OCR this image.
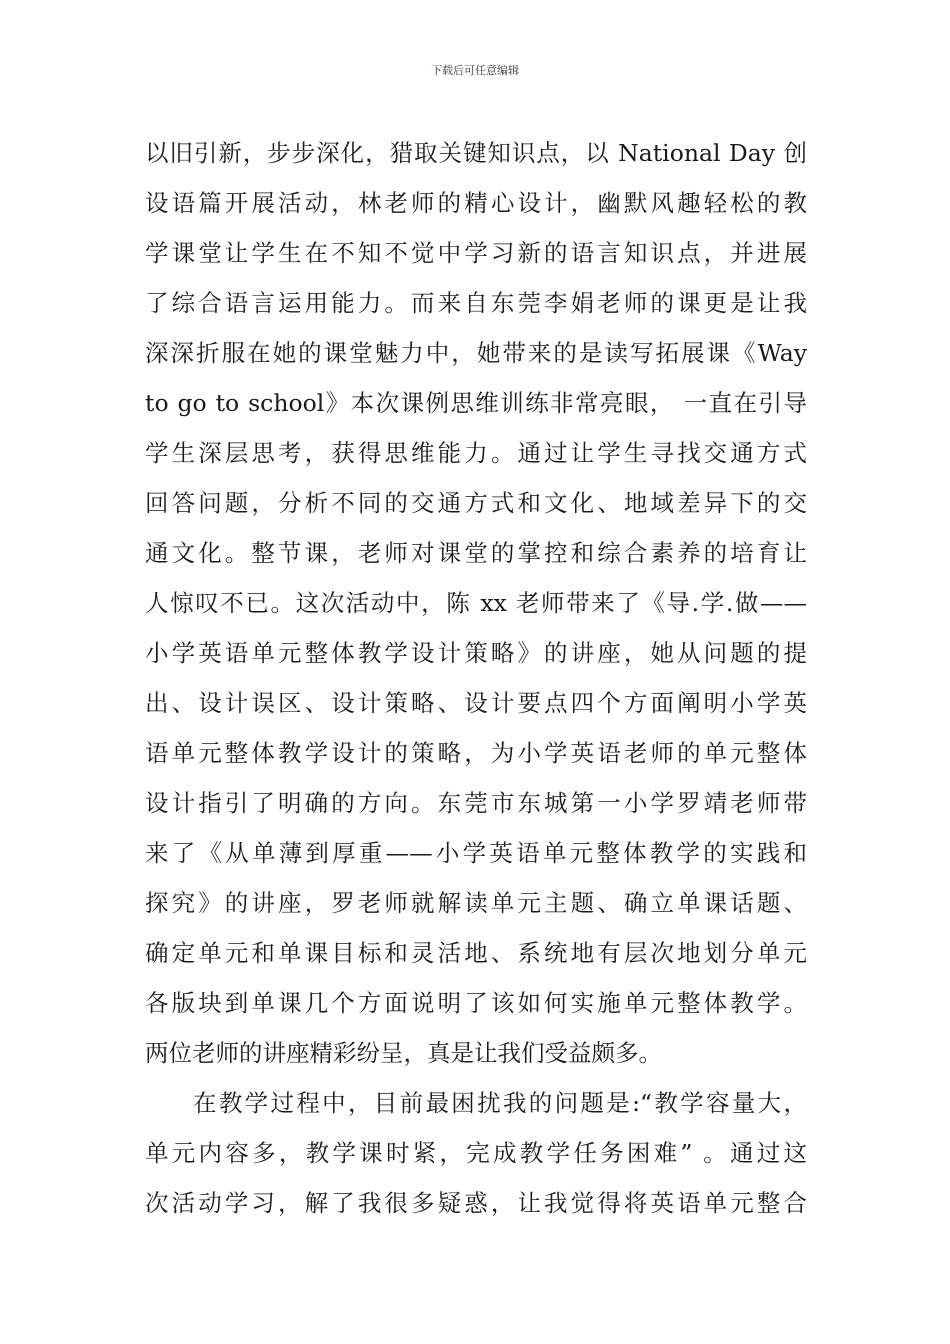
下载后可任意编辑
以旧引新，步步深化，猎取关键知识点，以 National Day 创
设语篇开展活动，林老师的精心设计，幽默风趣轻松的教
学课堂让学生在不知不觉中学习新的语言知识点，并进展
了综合语言运用能力。而来自东莞李娟老师的课更是让我
深深折服在她的课堂魅力中，她带来的是读写拓展课《Way
to go to school》本次课例思维训练非常亮眼， 一直在引导
学生深层思考，获得思维能力。通过让学生寻找交通方式
回答问题，分析不同的交通方式和文化、地域差异下的交
通文化。整节课，老师对课堂的掌控和综合素养的培育让
人惊叹不已。这次活动中，陈 xx 老师带来了《导.学.做——
小学英语单元整体教学设计策略》的讲座，她从问题的提
出、设计误区、设计策略、设计要点四个方面阐明小学英
语单元整体教学设计的策略，为小学英语老师的单元整体
设计指引了明确的方向。东莞市东城第一小学罗靖老师带
来了《从单薄到厚重——小学英语单元整体教学的实践和
探究》的讲座，罗老师就解读单元主题、确立单课话题、
确定单元和单课目标和灵活地、系统地有层次地划分单元
各版块到单课几个方面说明了该如何实施单元整体教学。
两位老师的讲座精彩纷呈，真是让我们受益颇多。
在教学过程中，目前最困扰我的问题是:“教学容量大，
单元内容多，教学课时紧，完成教学任务困难” 。通过这
次活动学习，解了我很多疑惑，让我觉得将英语单元整合
